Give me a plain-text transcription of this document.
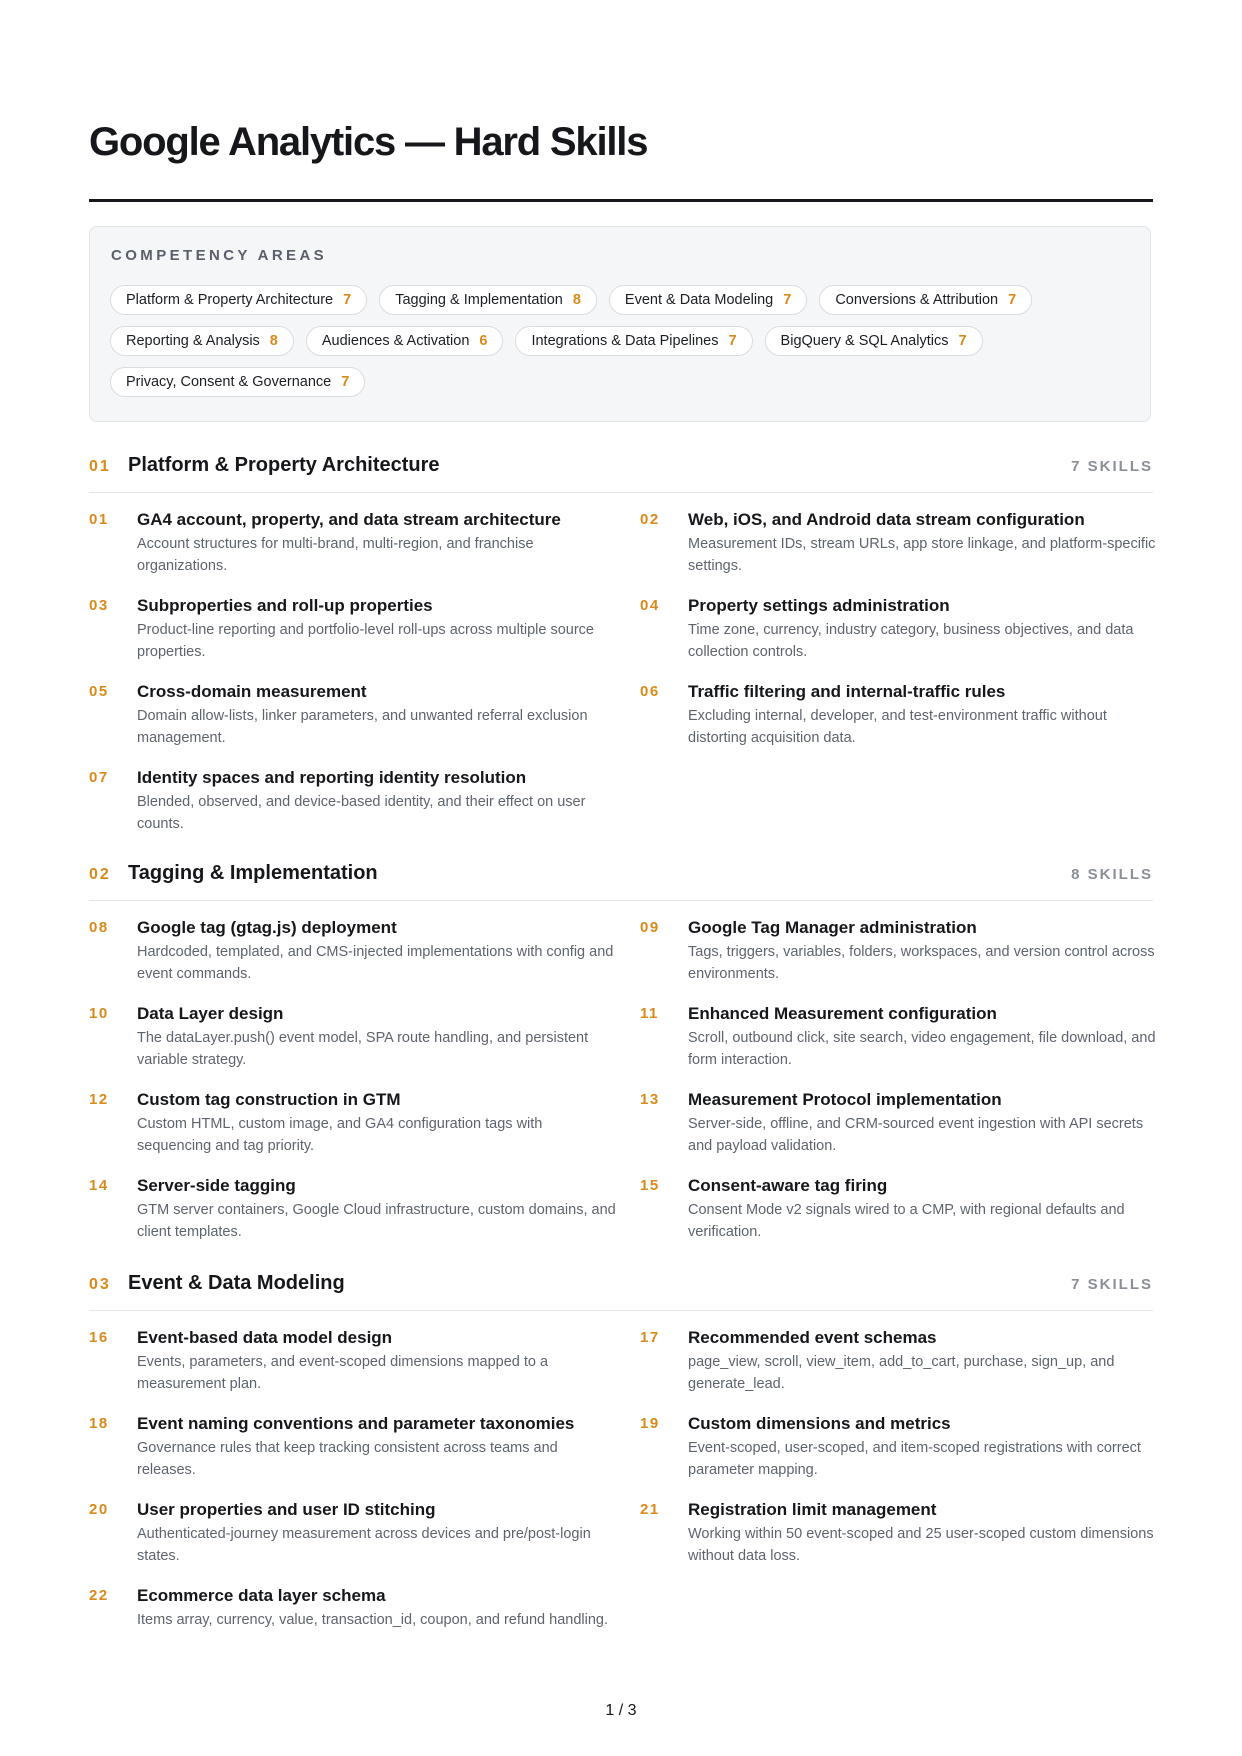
Google Analytics — Hard Skills
COMPETENCY AREAS
Platform & Property Architecture 7	Tagging & Implementation 8	Event & Data Modeling 7	Conversions & Attribution 7
Reporting & Analysis 8	Audiences & Activation 6	Integrations & Data Pipelines 7	BigQuery & SQL Analytics 7
Privacy, Consent & Governance 7
01 Platform & Property Architecture	7 SKILLS
01 GA4 account, property, and data stream architecture
Account structures for multi-brand, multi-region, and franchise organizations.
02 Web, iOS, and Android data stream configuration
Measurement IDs, stream URLs, app store linkage, and platform-specific settings.
03 Subproperties and roll-up properties
Product-line reporting and portfolio-level roll-ups across multiple source properties.
04 Property settings administration
Time zone, currency, industry category, business objectives, and data collection controls.
05 Cross-domain measurement
Domain allow-lists, linker parameters, and unwanted referral exclusion management.
06 Traffic filtering and internal-traffic rules
Excluding internal, developer, and test-environment traffic without distorting acquisition data.
07 Identity spaces and reporting identity resolution
Blended, observed, and device-based identity, and their effect on user counts.
02 Tagging & Implementation	8 SKILLS
08 Google tag (gtag.js) deployment
Hardcoded, templated, and CMS-injected implementations with config and event commands.
09 Google Tag Manager administration
Tags, triggers, variables, folders, workspaces, and version control across environments.
10 Data Layer design
The dataLayer.push() event model, SPA route handling, and persistent variable strategy.
11 Enhanced Measurement configuration
Scroll, outbound click, site search, video engagement, file download, and form interaction.
12 Custom tag construction in GTM
Custom HTML, custom image, and GA4 configuration tags with sequencing and tag priority.
13 Measurement Protocol implementation
Server-side, offline, and CRM-sourced event ingestion with API secrets and payload validation.
14 Server-side tagging
GTM server containers, Google Cloud infrastructure, custom domains, and client templates.
15 Consent-aware tag firing
Consent Mode v2 signals wired to a CMP, with regional defaults and verification.
03 Event & Data Modeling	7 SKILLS
16 Event-based data model design
Events, parameters, and event-scoped dimensions mapped to a measurement plan.
17 Recommended event schemas
page_view, scroll, view_item, add_to_cart, purchase, sign_up, and generate_lead.
18 Event naming conventions and parameter taxonomies
Governance rules that keep tracking consistent across teams and releases.
19 Custom dimensions and metrics
Event-scoped, user-scoped, and item-scoped registrations with correct parameter mapping.
20 User properties and user ID stitching
Authenticated-journey measurement across devices and pre/post-login states.
21 Registration limit management
Working within 50 event-scoped and 25 user-scoped custom dimensions without data loss.
22 Ecommerce data layer schema
Items array, currency, value, transaction_id, coupon, and refund handling.
1 / 3
